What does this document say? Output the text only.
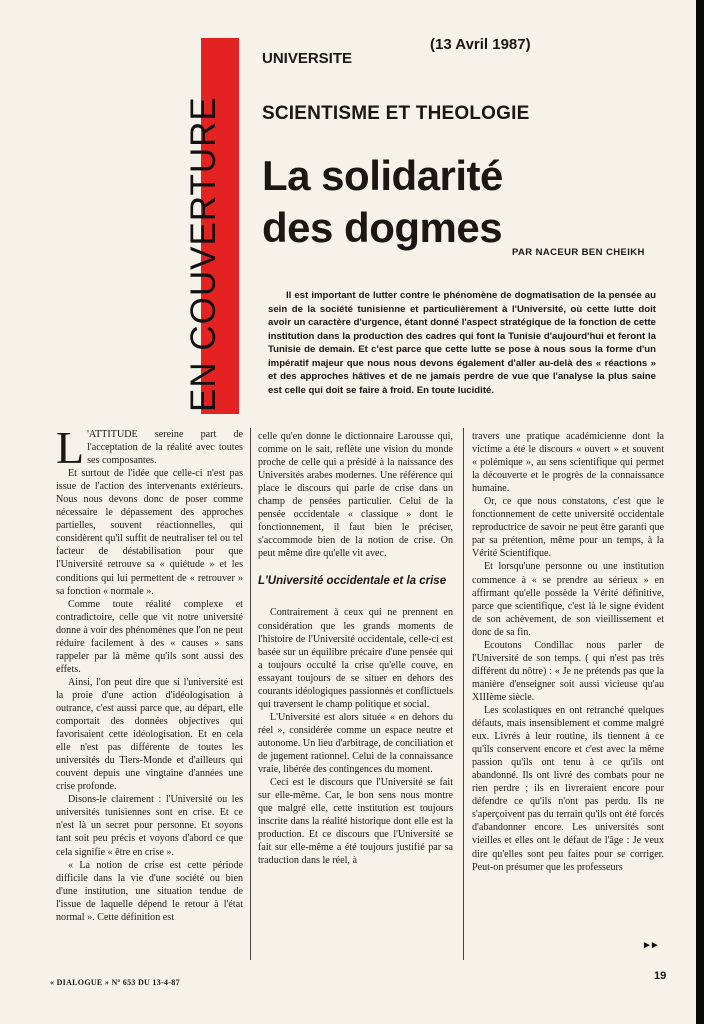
EN COUVERTURE
UNIVERSITE
(13 Avril 1987)
SCIENTISME ET THEOLOGIE
La solidarité
des dogmes
PAR NACEUR BEN CHEIKH
Il est important de lutter contre le phénomène de dogmatisation de la pensée au sein de la société tunisienne et particulièrement à l'Université, où cette lutte doit avoir un caractère d'urgence, étant donné l'aspect stratégique de la fonction de cette institution dans la production des cadres qui font la Tunisie d'aujourd'hui et feront la Tunisie de demain. Et c'est parce que cette lutte se pose à nous sous la forme d'un impératif majeur que nous nous devons également d'aller au-delà des « réactions » et des approches hâtives et de ne jamais perdre de vue que l'analyse la plus saine est celle qui doit se faire à froid. En toute lucidité.

L 'ATTITUDE sereine part de l'acceptation de la réalité avec toutes ses composantes.

Et surtout de l'idée que celle-ci n'est pas issue de l'action des intervenants extérieurs. Nous nous devons donc de poser comme nécessaire le dépassement des approches partielles, souvent réactionnelles, qui considèrent qu'il suffit de neutraliser tel ou tel facteur de déstabilisation pour que l'Université retrouve sa « quiétude » et les conditions qui lui permettent de « retrouver » sa fonction « normale ».

Comme toute réalité complexe et contradictoire, celle que vit notre université donne à voir des phénomènes que l'on ne peut réduire facilement à des « causes » sans rappeler par là même qu'ils sont aussi des effets.

Ainsi, l'on peut dire que si l'université est la proie d'une action d'idéologisation à outrance, c'est aussi parce que, au départ, elle comportait des données objectives qui favorisaient cette idéologisation. Et en cela elle n'est pas différente de toutes les universités du Tiers-Monde et d'ailleurs qui couvent depuis une vingtaine d'années une crise profonde.

Disons-le clairement : l'Université ou les universités tunisiennes sont en crise. Et ce n'est là un secret pour personne. Et soyons tant soit peu précis et voyons d'abord ce que cela signifie « être en crise ».

« La notion de crise est cette période difficile dans la vie d'une société ou bien d'une institution, une situation tendue de l'issue de laquelle dépend le retour à l'état normal ». Cette définition est

celle qu'en donne le dictionnaire Larousse qui, comme on le sait, reflète une vision du monde proche de celle qui a présidé à la naissance des Universités arabes modernes. Une référence qui place le discours qui parle de crise dans un champ de pensées particulier. Celui de la pensée occidentale « classique » dont le fonctionnement, il faut bien le préciser, s'accommode bien de la notion de crise. On peut même dire qu'elle vit avec.

L'Université occidentale et la crise

Contrairement à ceux qui ne prennent en considération que les grands moments de l'histoire de l'Université occidentale, celle-ci est basée sur un équilibre précaire d'une pensée qui a toujours occulté la crise qu'elle couve, en essayant toujours de se situer en dehors des courants idéologiques passionnés et conflictuels qui traversent le champ politique et social.

L'Université est alors située « en dehors du réel », considérée comme un espace neutre et autonome. Un lieu d'arbitrage, de conciliation et de jugement rationnel. Celui de la connaissance vraie, libérée des contingences du moment.

Ceci est le discours que l'Université se fait sur elle-même. Car, le bon sens nous montre que malgré elle, cette institution est toujours inscrite dans la réalité historique dont elle est la production. Et ce discours que l'Université se fait sur elle-même a été toujours justifié par sa traduction dans le réel, à

travers une pratique académicienne dont la victime a été le discours « ouvert » et souvent « polémique », au sens scientifique qui permet la découverte et le progrès de la connaissance humaine.

Or, ce que nous constatons, c'est que le fonctionnement de cette université occidentale reproductrice de savoir ne peut être garanti que par sa prétention, même pour un temps, à la Vérité Scientifique.

Et lorsqu'une personne ou une institution commence à « se prendre au sérieux » en affirmant qu'elle possède la Vérité définitive, parce que scientifique, c'est là le signe évident de son achèvement, de son vieillissement et donc de sa fin.

Ecoutons Condillac nous parler de l'Université de son temps. ( qui n'est pas très différent du nôtre) : « Je ne prétends pas que la manière d'enseigner soit aussi vicieuse qu'au XIIIème siècle.

Les scolastiques en ont retranché quelques défauts, mais insensiblement et comme malgré eux. Livrés à leur routine, ils tiennent à ce qu'ils conservent encore et c'est avec la même passion qu'ils ont tenu à ce qu'ils ont abandonné. Ils ont livré des combats pour ne rien perdre ; ils en livreraient encore pour défendre ce qu'ils n'ont pas perdu. Ils ne s'aperçoivent pas du terrain qu'ils ont été forcés d'abandonner encore. Les universités sont vieilles et elles ont le défaut de l'âge : Je veux dire qu'elles sont peu faites pour se corriger. Peut-on présumer que les professeurs

►►
« DIALOGUE » Nº 653 DU 13-4-87
19
